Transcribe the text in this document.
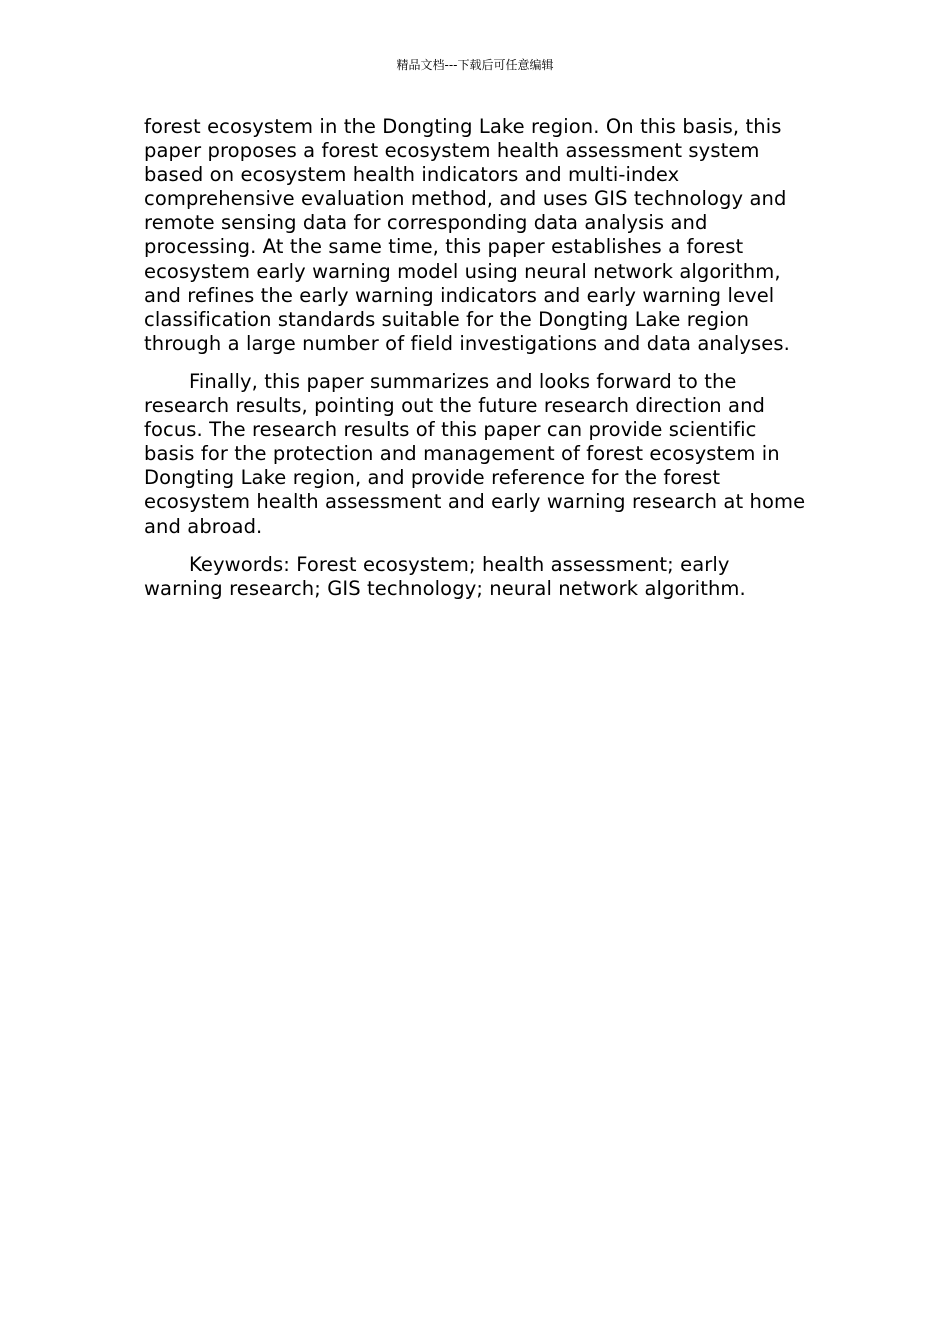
精品文档---下载后可任意编辑

forest ecosystem in the Dongting Lake region. On this basis, this paper proposes a forest ecosystem health assessment system based on ecosystem health indicators and multi-index comprehensive evaluation method, and uses GIS technology and remote sensing data for corresponding data analysis and processing. At the same time, this paper establishes a forest ecosystem early warning model using neural network algorithm, and refines the early warning indicators and early warning level classification standards suitable for the Dongting Lake region through a large number of field investigations and data analyses.

Finally, this paper summarizes and looks forward to the research results, pointing out the future research direction and focus. The research results of this paper can provide scientific basis for the protection and management of forest ecosystem in Dongting Lake region, and provide reference for the forest ecosystem health assessment and early warning research at home and abroad.

Keywords: Forest ecosystem; health assessment; early warning research; GIS technology; neural network algorithm.
